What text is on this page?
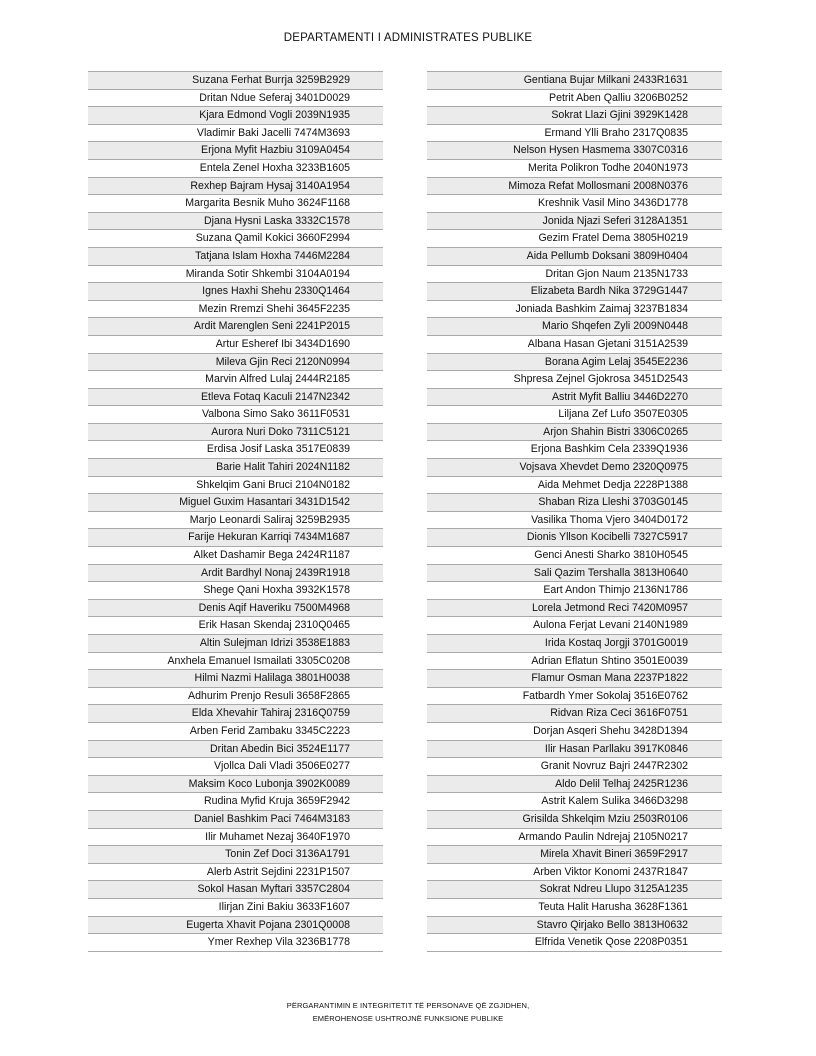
DEPARTAMENTI I ADMINISTRATES PUBLIKE
Suzana Ferhat Burrja 3259B2929
Dritan Ndue Seferaj 3401D0029
Kjara Edmond Vogli 2039N1935
Vladimir Baki Jacelli 7474M3693
Erjona Myfit Hazbiu 3109A0454
Entela Zenel Hoxha 3233B1605
Rexhep Bajram Hysaj 3140A1954
Margarita Besnik Muho 3624F1168
Djana Hysni Laska 3332C1578
Suzana Qamil Kokici 3660F2994
Tatjana Islam Hoxha 7446M2284
Miranda Sotir Shkembi 3104A0194
Ignes Haxhi Shehu 2330Q1464
Mezin Rremzi Shehi 3645F2235
Ardit Marenglen Seni 2241P2015
Artur Esheref Ibi 3434D1690
Mileva Gjin Reci 2120N0994
Marvin Alfred Lulaj 2444R2185
Etleva Fotaq Kaculi 2147N2342
Valbona Simo Sako 3611F0531
Aurora Nuri Doko 7311C5121
Erdisa Josif Laska 3517E0839
Barie Halit Tahiri 2024N1182
Shkelqim Gani Bruci 2104N0182
Miguel Guxim Hasantari 3431D1542
Marjo Leonardi Saliraj 3259B2935
Farije Hekuran Karriqi 7434M1687
Alket Dashamir Bega 2424R1187
Ardit Bardhyl Nonaj 2439R1918
Shege Qani Hoxha 3932K1578
Denis Aqif Haveriku 7500M4968
Erik Hasan Skendaj 2310Q0465
Altin Sulejman Idrizi 3538E1883
Anxhela Emanuel Ismailati 3305C0208
Hilmi Nazmi Halilaga 3801H0038
Adhurim Prenjo Resuli 3658F2865
Elda Xhevahir Tahiraj 2316Q0759
Arben Ferid Zambaku 3345C2223
Dritan Abedin Bici 3524E1177
Vjollca Dali Vladi 3506E0277
Maksim Koco Lubonja 3902K0089
Rudina Myfid Kruja 3659F2942
Daniel Bashkim Paci 7464M3183
Ilir Muhamet Nezaj 3640F1970
Tonin Zef Doci 3136A1791
Alerb Astrit Sejdini 2231P1507
Sokol Hasan Myftari 3357C2804
Ilirjan Zini Bakiu 3633F1607
Eugerta Xhavit Pojana 2301Q0008
Ymer Rexhep Vila 3236B1778
Gentiana Bujar Milkani 2433R1631
Petrit Aben Qalliu 3206B0252
Sokrat Llazi Gjini 3929K1428
Ermand Ylli Braho 2317Q0835
Nelson Hysen Hasmema 3307C0316
Merita Polikron Todhe 2040N1973
Mimoza Refat Mollosmani 2008N0376
Kreshnik Vasil Mino 3436D1778
Jonida Njazi Seferi 3128A1351
Gezim Fratel Dema 3805H0219
Aida Pellumb Doksani 3809H0404
Dritan Gjon Naum 2135N1733
Elizabeta Bardh Nika 3729G1447
Joniada Bashkim Zaimaj 3237B1834
Mario Shqefen Zyli 2009N0448
Albana Hasan Gjetani 3151A2539
Borana Agim Lelaj 3545E2236
Shpresa Zejnel Gjokrosa 3451D2543
Astrit Myfit Balliu 3446D2270
Liljana Zef Lufo 3507E0305
Arjon Shahin Bistri 3306C0265
Erjona Bashkim Cela 2339Q1936
Vojsava Xhevdet Demo 2320Q0975
Aida Mehmet Dedja 2228P1388
Shaban Riza Lleshi 3703G0145
Vasilika Thoma Vjero 3404D0172
Dionis Yllson Kocibelli 7327C5917
Genci Anesti Sharko 3810H0545
Sali Qazim Tershalla 3813H0640
Eart Andon Thimjo 2136N1786
Lorela Jetmond Reci 7420M0957
Aulona Ferjat Levani 2140N1989
Irida Kostaq Jorgji 3701G0019
Adrian Eflatun Shtino 3501E0039
Flamur Osman Mana 2237P1822
Fatbardh Ymer Sokolaj 3516E0762
Ridvan Riza Ceci 3616F0751
Dorjan Asqeri Shehu 3428D1394
Ilir Hasan Parllaku 3917K0846
Granit Novruz Bajri 2447R2302
Aldo Delil Telhaj 2425R1236
Astrit Kalem Sulika 3466D3298
Grisilda Shkelqim Mziu 2503R0106
Armando Paulin Ndrejaj 2105N0217
Mirela Xhavit Bineri 3659F2917
Arben Viktor Konomi 2437R1847
Sokrat Ndreu Llupo 3125A1235
Teuta Halit Harusha 3628F1361
Stavro Qirjako Bello 3813H0632
Elfrida Venetik Qose 2208P0351
PËRGARANTIMIN E INTEGRITETIT TË PERSONAVE QË ZGJIDHEN,
EMËROHENOSE USHTROJNË FUNKSIONE PUBLIKE
